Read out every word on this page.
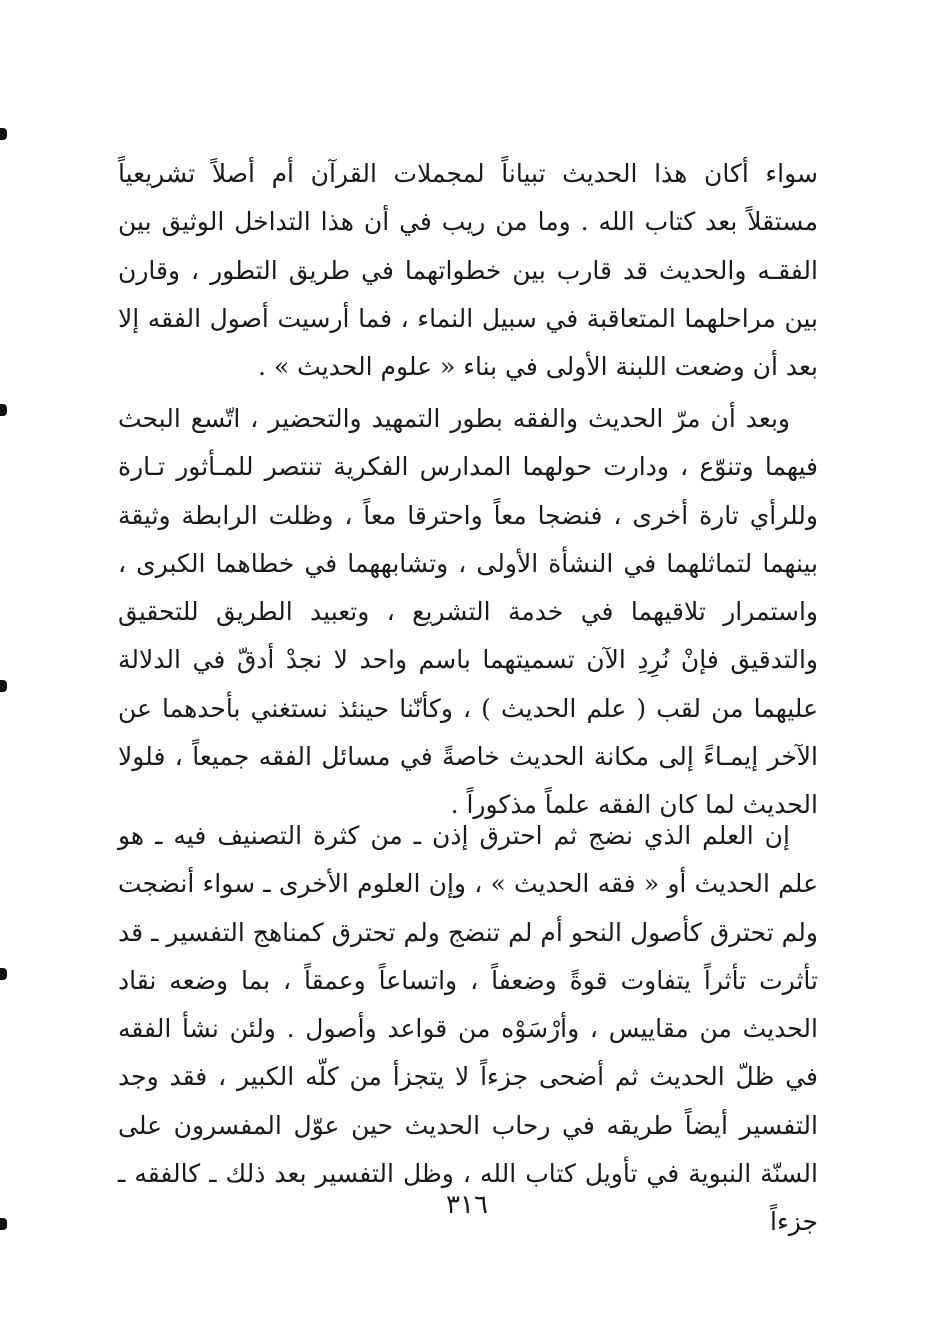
سواء أكان هذا الحديث تبياناً لمجملات القرآن أم أصلاً تشريعياً مستقلاً بعد كتاب الله . وما من ريب في أن هذا التداخل الوثيق بين الفقـه والحديث قد قارب بين خطواتهما في طريق التطور ، وقارن بين مراحلهما المتعاقبة في سبيل النماء ، فما أرسيت أصول الفقه إلا بعد أن وضعت اللبنة الأولى في بناء « علوم الحديث » .

وبعد أن مرّ الحديث والفقه بطور التمهيد والتحضير ، اتّسع البحث فيهما وتنوّع ، ودارت حولهما المدارس الفكرية تنتصر للمـأثور تـارة وللرأي تارة أخرى ، فنضجا معاً واحترقا معاً ، وظلت الرابطة وثيقة بينهما لتماثلهما في النشأة الأولى ، وتشابههما في خطاهما الكبرى ، واستمرار تلاقيهما في خدمة التشريع ، وتعبيد الطريق للتحقيق والتدقيق فإنْ نُرِدِ الآن تسميتهما باسم واحد لا نجدْ أدقّ في الدلالة عليهما من لقب ( علم الحديث ) ، وكأنّنا حينئذ نستغني بأحدهما عن الآخر إيمـاءً إلى مكانة الحديث خاصةً في مسائل الفقه جميعاً ، فلولا الحديث لما كان الفقه علماً مذكوراً .

إن العلم الذي نضج ثم احترق إذن ـ من كثرة التصنيف فيه ـ هو علم الحديث أو « فقه الحديث » ، وإن العلوم الأخرى ـ سواء أنضجت ولم تحترق كأصول النحو أم لم تنضج ولم تحترق كمناهج التفسير ـ قد تأثرت تأثراً يتفاوت قوةً وضعفاً ، واتساعاً وعمقاً ، بما وضعه نقاد الحديث من مقاييس ، وأرْسَوْه من قواعد وأصول . ولئن نشأ الفقه في ظلّ الحديث ثم أضحى جزءاً لا يتجزأ من كلّه الكبير ، فقد وجد التفسير أيضاً طريقه في رحاب الحديث حين عوّل المفسرون على السنّة النبوية في تأويل كتاب الله ، وظل التفسير بعد ذلك ـ كالفقه ـ جزءاً

٣١٦
